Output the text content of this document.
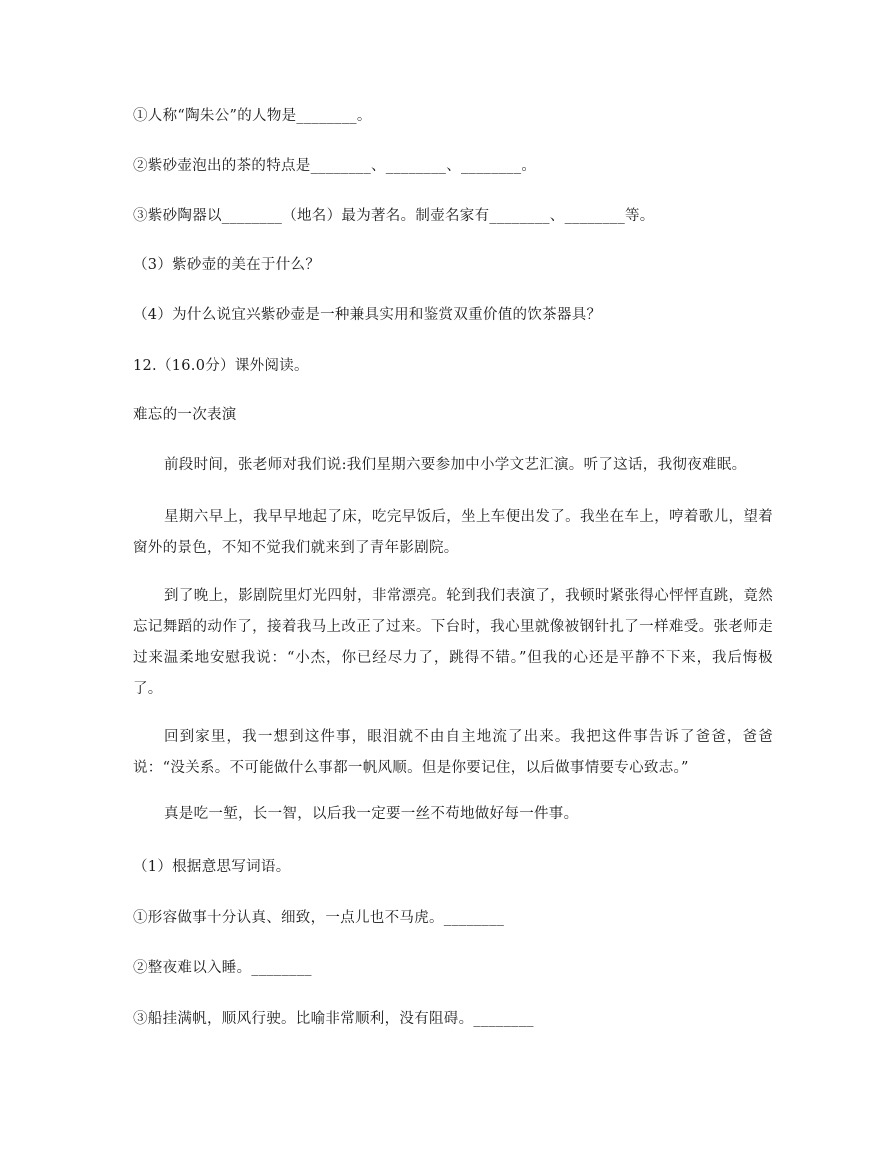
①人称“陶朱公”的人物是________。
②紫砂壶泡出的茶的特点是________、________、________。
③紫砂陶器以________（地名）最为著名。制壶名家有________、________等。
（3）紫砂壶的美在于什么？
（4）为什么说宜兴紫砂壶是一种兼具实用和鉴赏双重价值的饮茶器具？
12.（16.0分）课外阅读。
难忘的一次表演
前段时间，张老师对我们说:我们星期六要参加中小学文艺汇演。听了这话，我彻夜难眠。
星期六早上，我早早地起了床，吃完早饭后，坐上车便出发了。我坐在车上，哼着歌儿，望着窗外的景色，不知不觉我们就来到了青年影剧院。
到了晚上，影剧院里灯光四射，非常漂亮。轮到我们表演了，我顿时紧张得心怦怦直跳，竟然忘记舞蹈的动作了，接着我马上改正了过来。下台时，我心里就像被钢针扎了一样难受。张老师走过来温柔地安慰我说：“小杰，你已经尽力了，跳得不错。”但我的心还是平静不下来，我后悔极了。
回到家里，我一想到这件事，眼泪就不由自主地流了出来。我把这件事告诉了爸爸，爸爸说：“没关系。不可能做什么事都一帆风顺。但是你要记住，以后做事情要专心致志。”
真是吃一堑，长一智，以后我一定要一丝不苟地做好每一件事。
（1）根据意思写词语。
①形容做事十分认真、细致，一点儿也不马虎。________
②整夜难以入睡。________
③船挂满帆，顺风行驶。比喻非常顺利，没有阻碍。________
